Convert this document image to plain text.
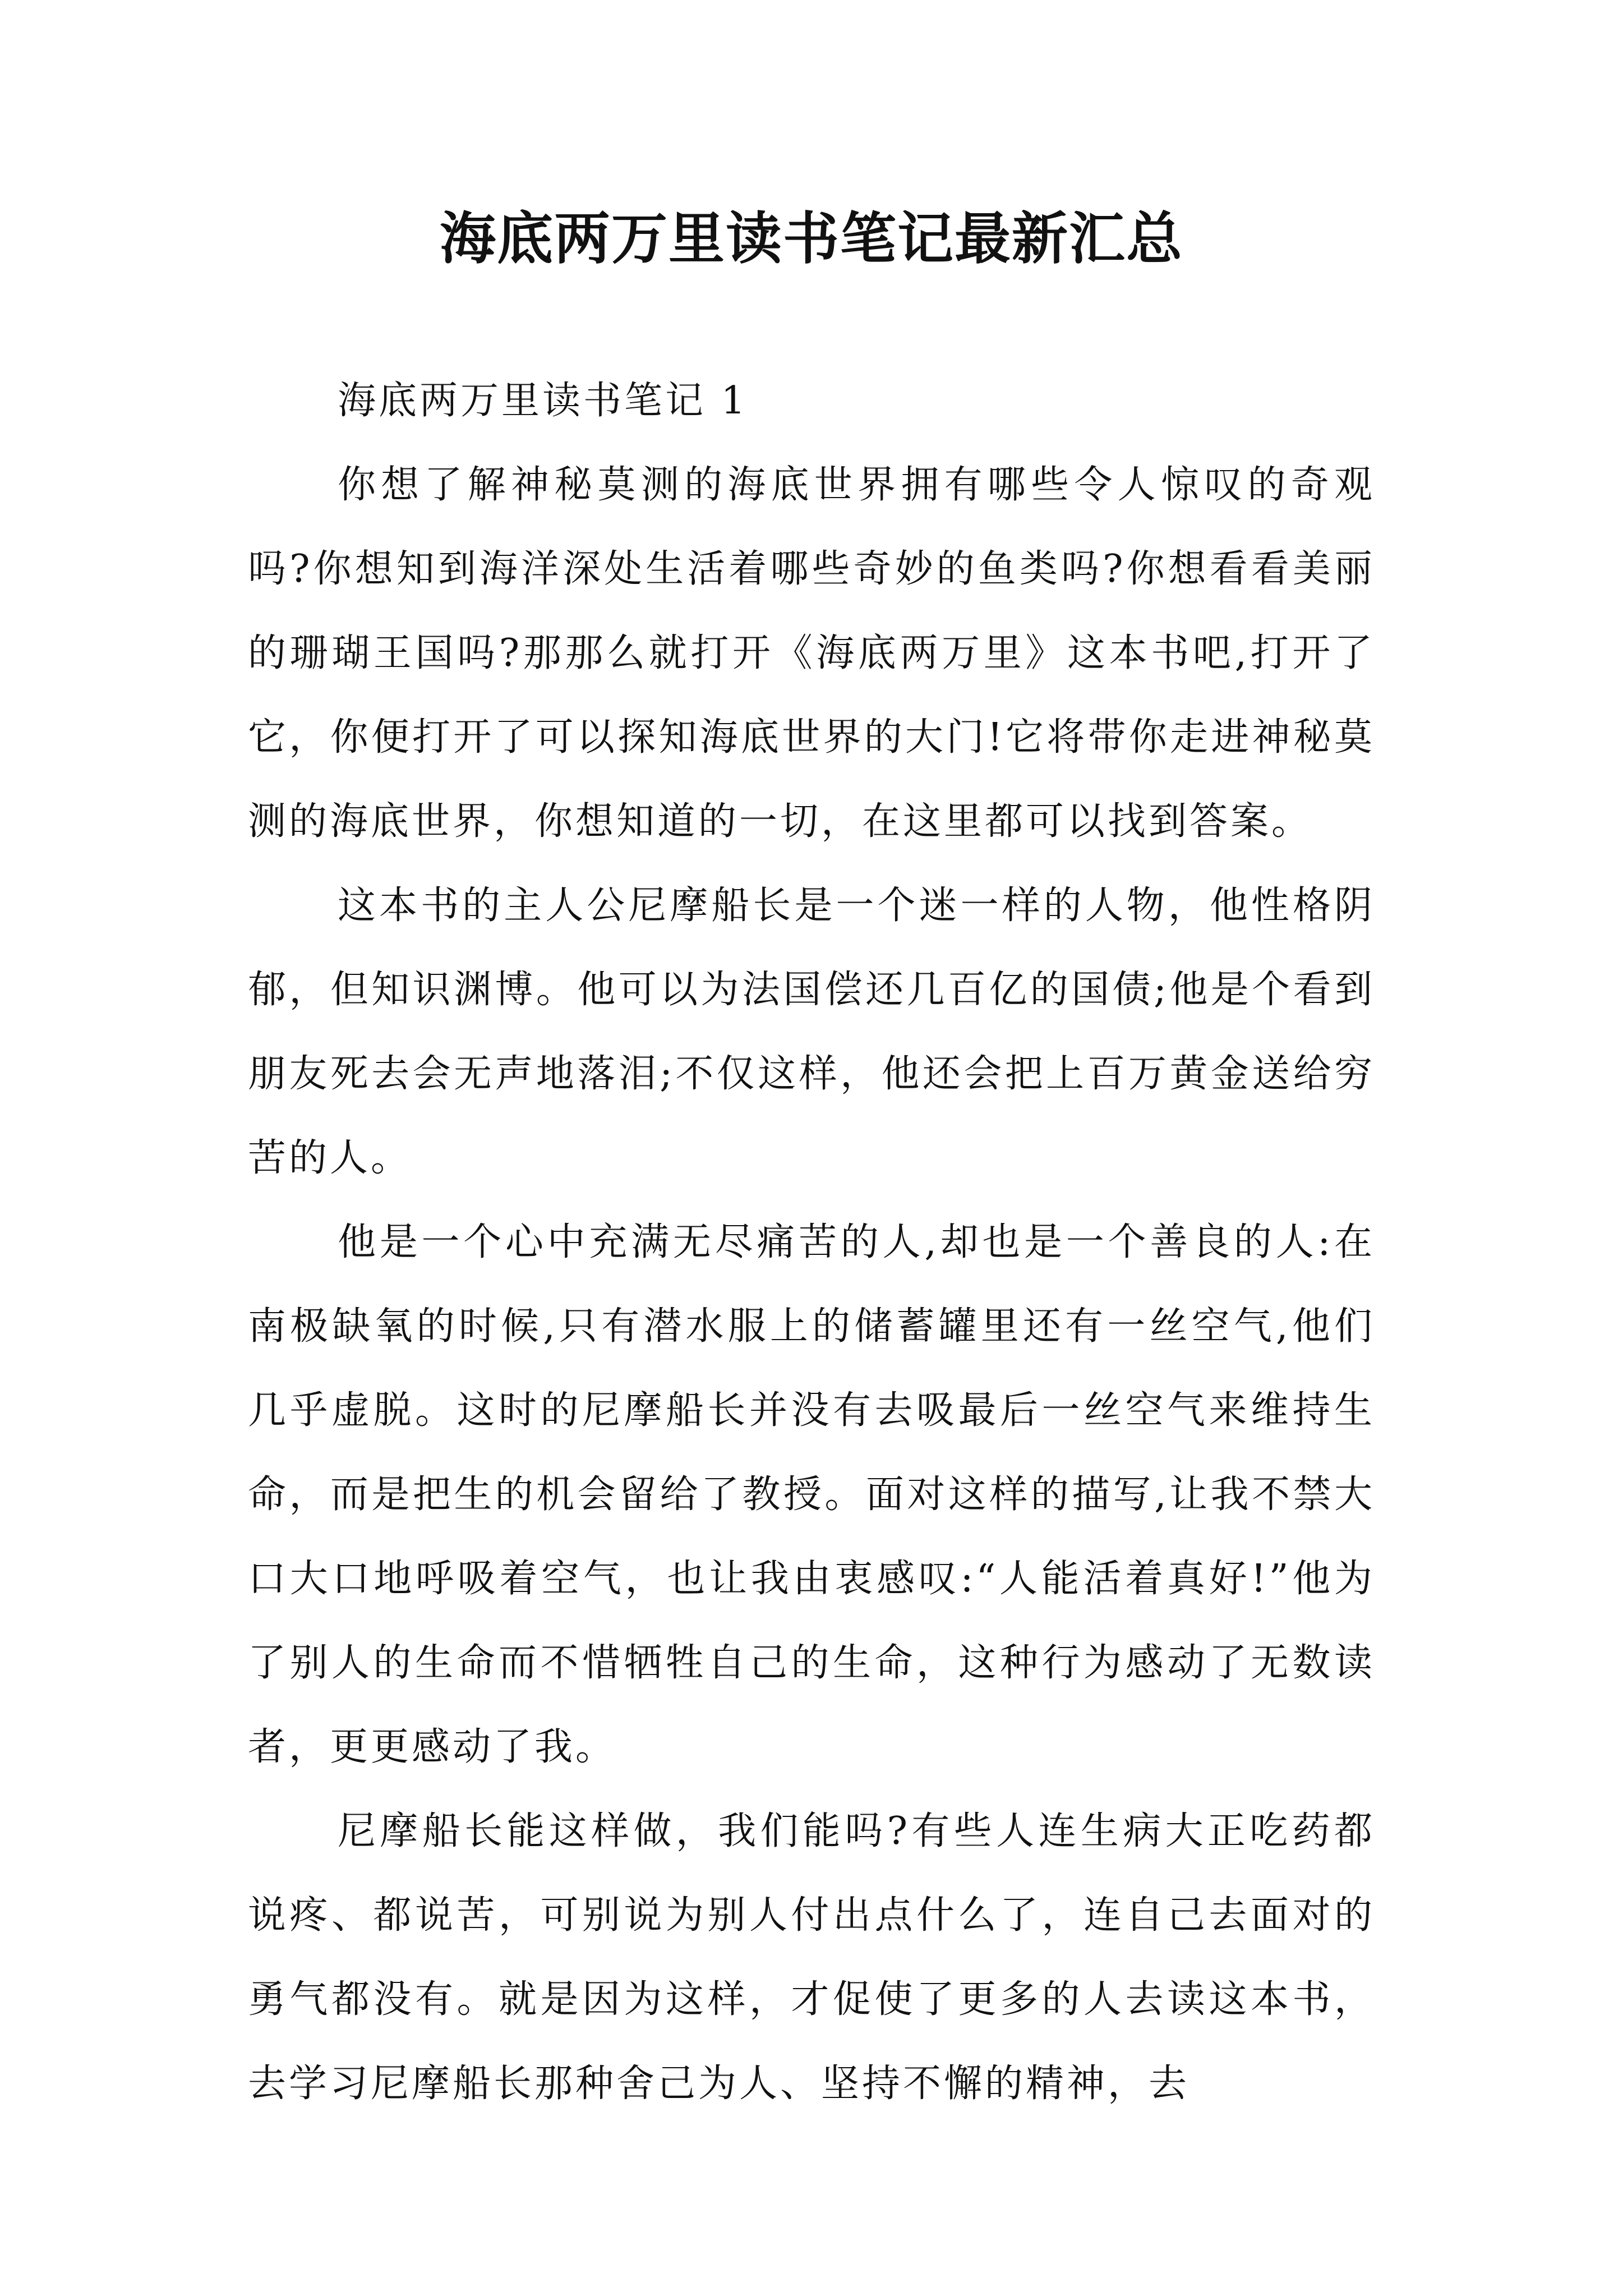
海底两万里读书笔记最新汇总
海底两万里读书笔记 1

你想了解神秘莫测的海底世界拥有哪些令人惊叹的奇观吗?你想知到海洋深处生活着哪些奇妙的鱼类吗?你想看看美丽的珊瑚王国吗?那那么就打开《海底两万里》这本书吧,打开了它，你便打开了可以探知海底世界的大门!它将带你走进神秘莫测的海底世界，你想知道的一切，在这里都可以找到答案。

这本书的主人公尼摩船长是一个迷一样的人物，他性格阴郁，但知识渊博。他可以为法国偿还几百亿的国债;他是个看到朋友死去会无声地落泪;不仅这样，他还会把上百万黄金送给穷苦的人。

他是一个心中充满无尽痛苦的人,却也是一个善良的人:在南极缺氧的时候,只有潜水服上的储蓄罐里还有一丝空气,他们几乎虚脱。这时的尼摩船长并没有去吸最后一丝空气来维持生命，而是把生的机会留给了教授。面对这样的描写,让我不禁大口大口地呼吸着空气，也让我由衷感叹:“人能活着真好!”他为了别人的生命而不惜牺牲自己的生命，这种行为感动了无数读者，更更感动了我。

尼摩船长能这样做，我们能吗?有些人连生病大正吃药都说疼、都说苦，可别说为别人付出点什么了，连自己去面对的勇气都没有。就是因为这样，才促使了更多的人去读这本书，去学习尼摩船长那种舍己为人、坚持不懈的精神，去
